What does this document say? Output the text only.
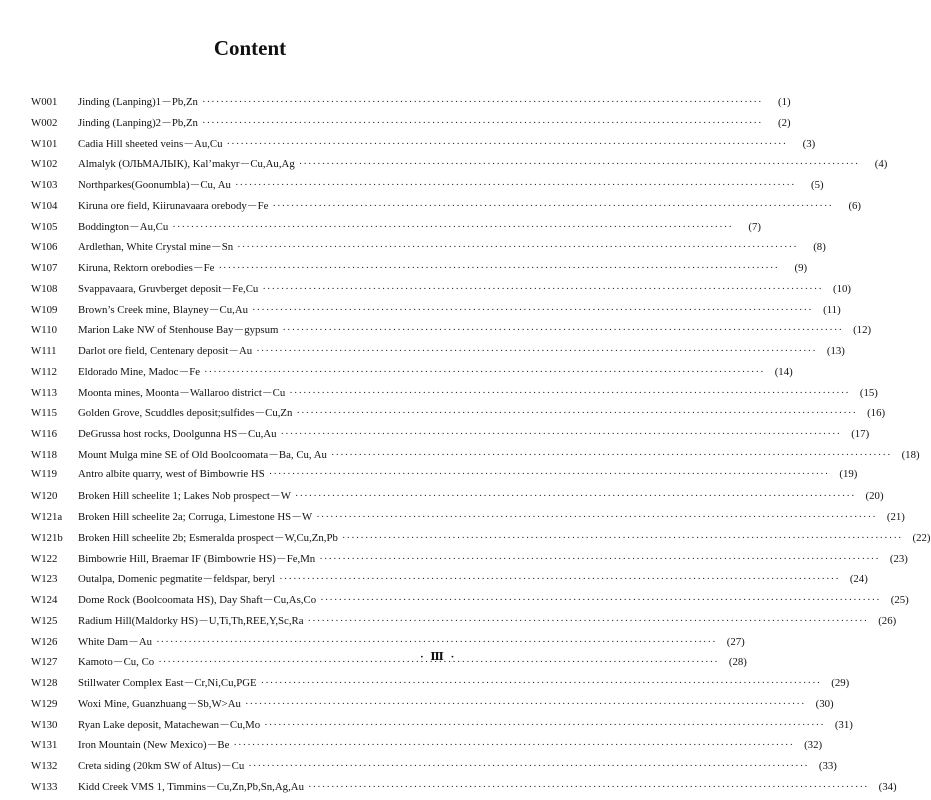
Content
W001	Jinding (Lanping)1－Pb,Zn ·····	(1)
W002	Jinding (Lanping)2－Pb,Zn ·····	(2)
W101	Cadia Hill sheeted veins－Au,Cu ·····	(3)
W102	Almalyk (ОЛЬМАЛЫК), Kal’makyr－Cu,Au,Ag ·····	(4)
W103	Northparkes(Goonumbla)－Cu, Au ·····	(5)
W104	Kiruna ore field, Kiirunavaara orebody－Fe ·····	(6)
W105	Boddington－Au,Cu ·····	(7)
W106	Ardlethan, White Crystal mine－Sn ·····	(8)
W107	Kiruna, Rektorn orebodies－Fe ·····	(9)
W108	Svappavaara, Gruvberget deposit－Fe,Cu ·····	(10)
W109	Brown’s Creek mine, Blayney－Cu,Au ·····	(11)
W110	Marion Lake NW of Stenhouse Bay－gypsum ·····	(12)
W111	Darlot ore field, Centenary deposit－Au ·····	(13)
W112	Eldorado Mine, Madoc－Fe ·····	(14)
W113	Moonta mines, Moonta－Wallaroo district－Cu ·····	(15)
W115	Golden Grove, Scuddles deposit;sulfides－Cu,Zn ·····	(16)
W116	DeGrussa host rocks, Doolgunna HS－Cu,Au ·····	(17)
W118	Mount Mulga mine SE of Old Boolcoomata－Ba, Cu, Au ·····	(18)
W119	Antro albite quarry, west of Bimbowrie HS ·····	(19)
W120	Broken Hill scheelite 1; Lakes Nob prospect－W ·····	(20)
W121a	Broken Hill scheelite 2a; Corruga, Limestone HS－W ·····	(21)
W121b	Broken Hill scheelite 2b; Esmeralda prospect－W,Cu,Zn,Pb ·····	(22)
W122	Bimbowrie Hill, Braemar IF (Bimbowrie HS)－Fe,Mn ·····	(23)
W123	Outalpa, Domenic pegmatite－feldspar, beryl ·····	(24)
W124	Dome Rock (Boolcoomata HS), Day Shaft－Cu,As,Co ·····	(25)
W125	Radium Hill(Maldorky HS)－U,Ti,Th,REE,Y,Sc,Ra ·····	(26)
W126	White Dam－Au ·····	(27)
W127	Kamoto－Cu, Co ·····	(28)
W128	Stillwater Complex East－Cr,Ni,Cu,PGE ·····	(29)
W129	Woxi Mine, Guanzhuang－Sb,W>Au ·····	(30)
W130	Ryan Lake deposit, Matachewan－Cu,Mo ·····	(31)
W131	Iron Mountain (New Mexico)－Be ·····	(32)
W132	Creta siding (20km SW of Altus)－Cu ·····	(33)
W133	Kidd Creek VMS 1, Timmins－Cu,Zn,Pb,Sn,Ag,Au ·····	(34)
· Ⅲ ·
